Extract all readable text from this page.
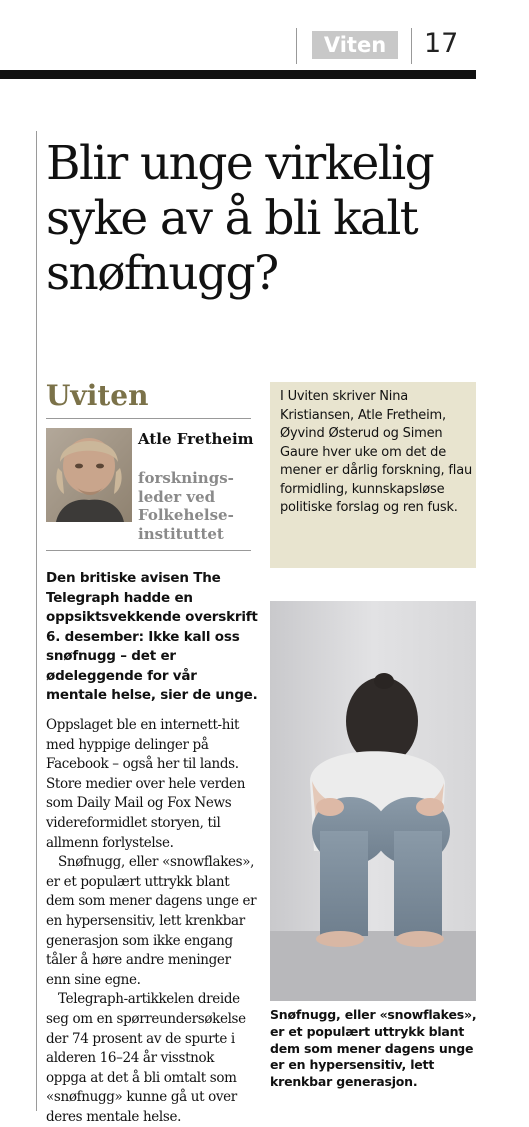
Viten	17
Blir unge virkelig syke av å bli kalt snøfnugg?
Uviten
Atle Fretheim
forsknings-leder ved Folkehelse-instituttet

Den britiske avisen The Telegraph hadde en oppsiktsvekkende overskrift 6. desember: Ikke kall oss snøfnugg – det er ødeleggende for vår mentale helse, sier de unge.

Oppslaget ble en internett-hit med hyppige delinger på Facebook – også her til lands. Store medier over hele verden som Daily Mail og Fox News videreformidlet storyen, til allmenn forlystelse.

Snøfnugg, eller «snowflakes», er et populært uttrykk blant dem som mener dagens unge er en hypersensitiv, lett krenkbar generasjon som ikke engang tåler å høre andre meninger enn sine egne.

Telegraph-artikkelen dreide seg om en spørreundersøkelse der 74 prosent av de spurte i alderen 16–24 år visstnok oppga at det å bli omtalt som «snøfnugg» kunne gå ut over deres mentale helse.

I Uviten skriver Nina Kristiansen, Atle Fretheim, Øyvind Østerud og Simen Gaure hver uke om det de mener er dårlig forskning, flau formidling, kunnskapsløse politiske forslag og ren fusk.

Snøfnugg, eller «snowflakes», er et populært uttrykk blant dem som mener dagens unge er en hypersensitiv, lett krenkbar generasjon.
